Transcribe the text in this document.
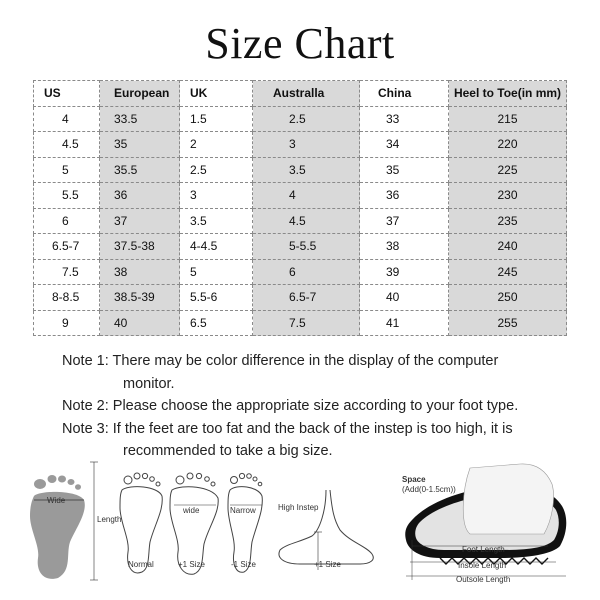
Size Chart
US	European	UK	Australla	China	Heel to Toe(in mm)
4	33.5	1.5	2.5	33	215
4.5	35	2	3	34	220
5	35.5	2.5	3.5	35	225
5.5	36	3	4	36	230
6	37	3.5	4.5	37	235
6.5-7	37.5-38	4-4.5	5-5.5	38	240
7.5	38	5	6	39	245
8-8.5	38.5-39	5.5-6	6.5-7	40	250
9	40	6.5	7.5	41	255
Note 1: There may be color difference in the display of the computer
monitor.
Note 2: Please choose the appropriate size according to your foot type.
Note 3: If the feet are too fat and the back of the instep is too high, it is
recommended to take a big size.
Wide
Length
wide	Narrow	High Instep
Normal	+1 Size	-1 Size	+1 Size
Space
(Add(0-1.5cm))
Foot Length
Insole Length
Outsole Length
